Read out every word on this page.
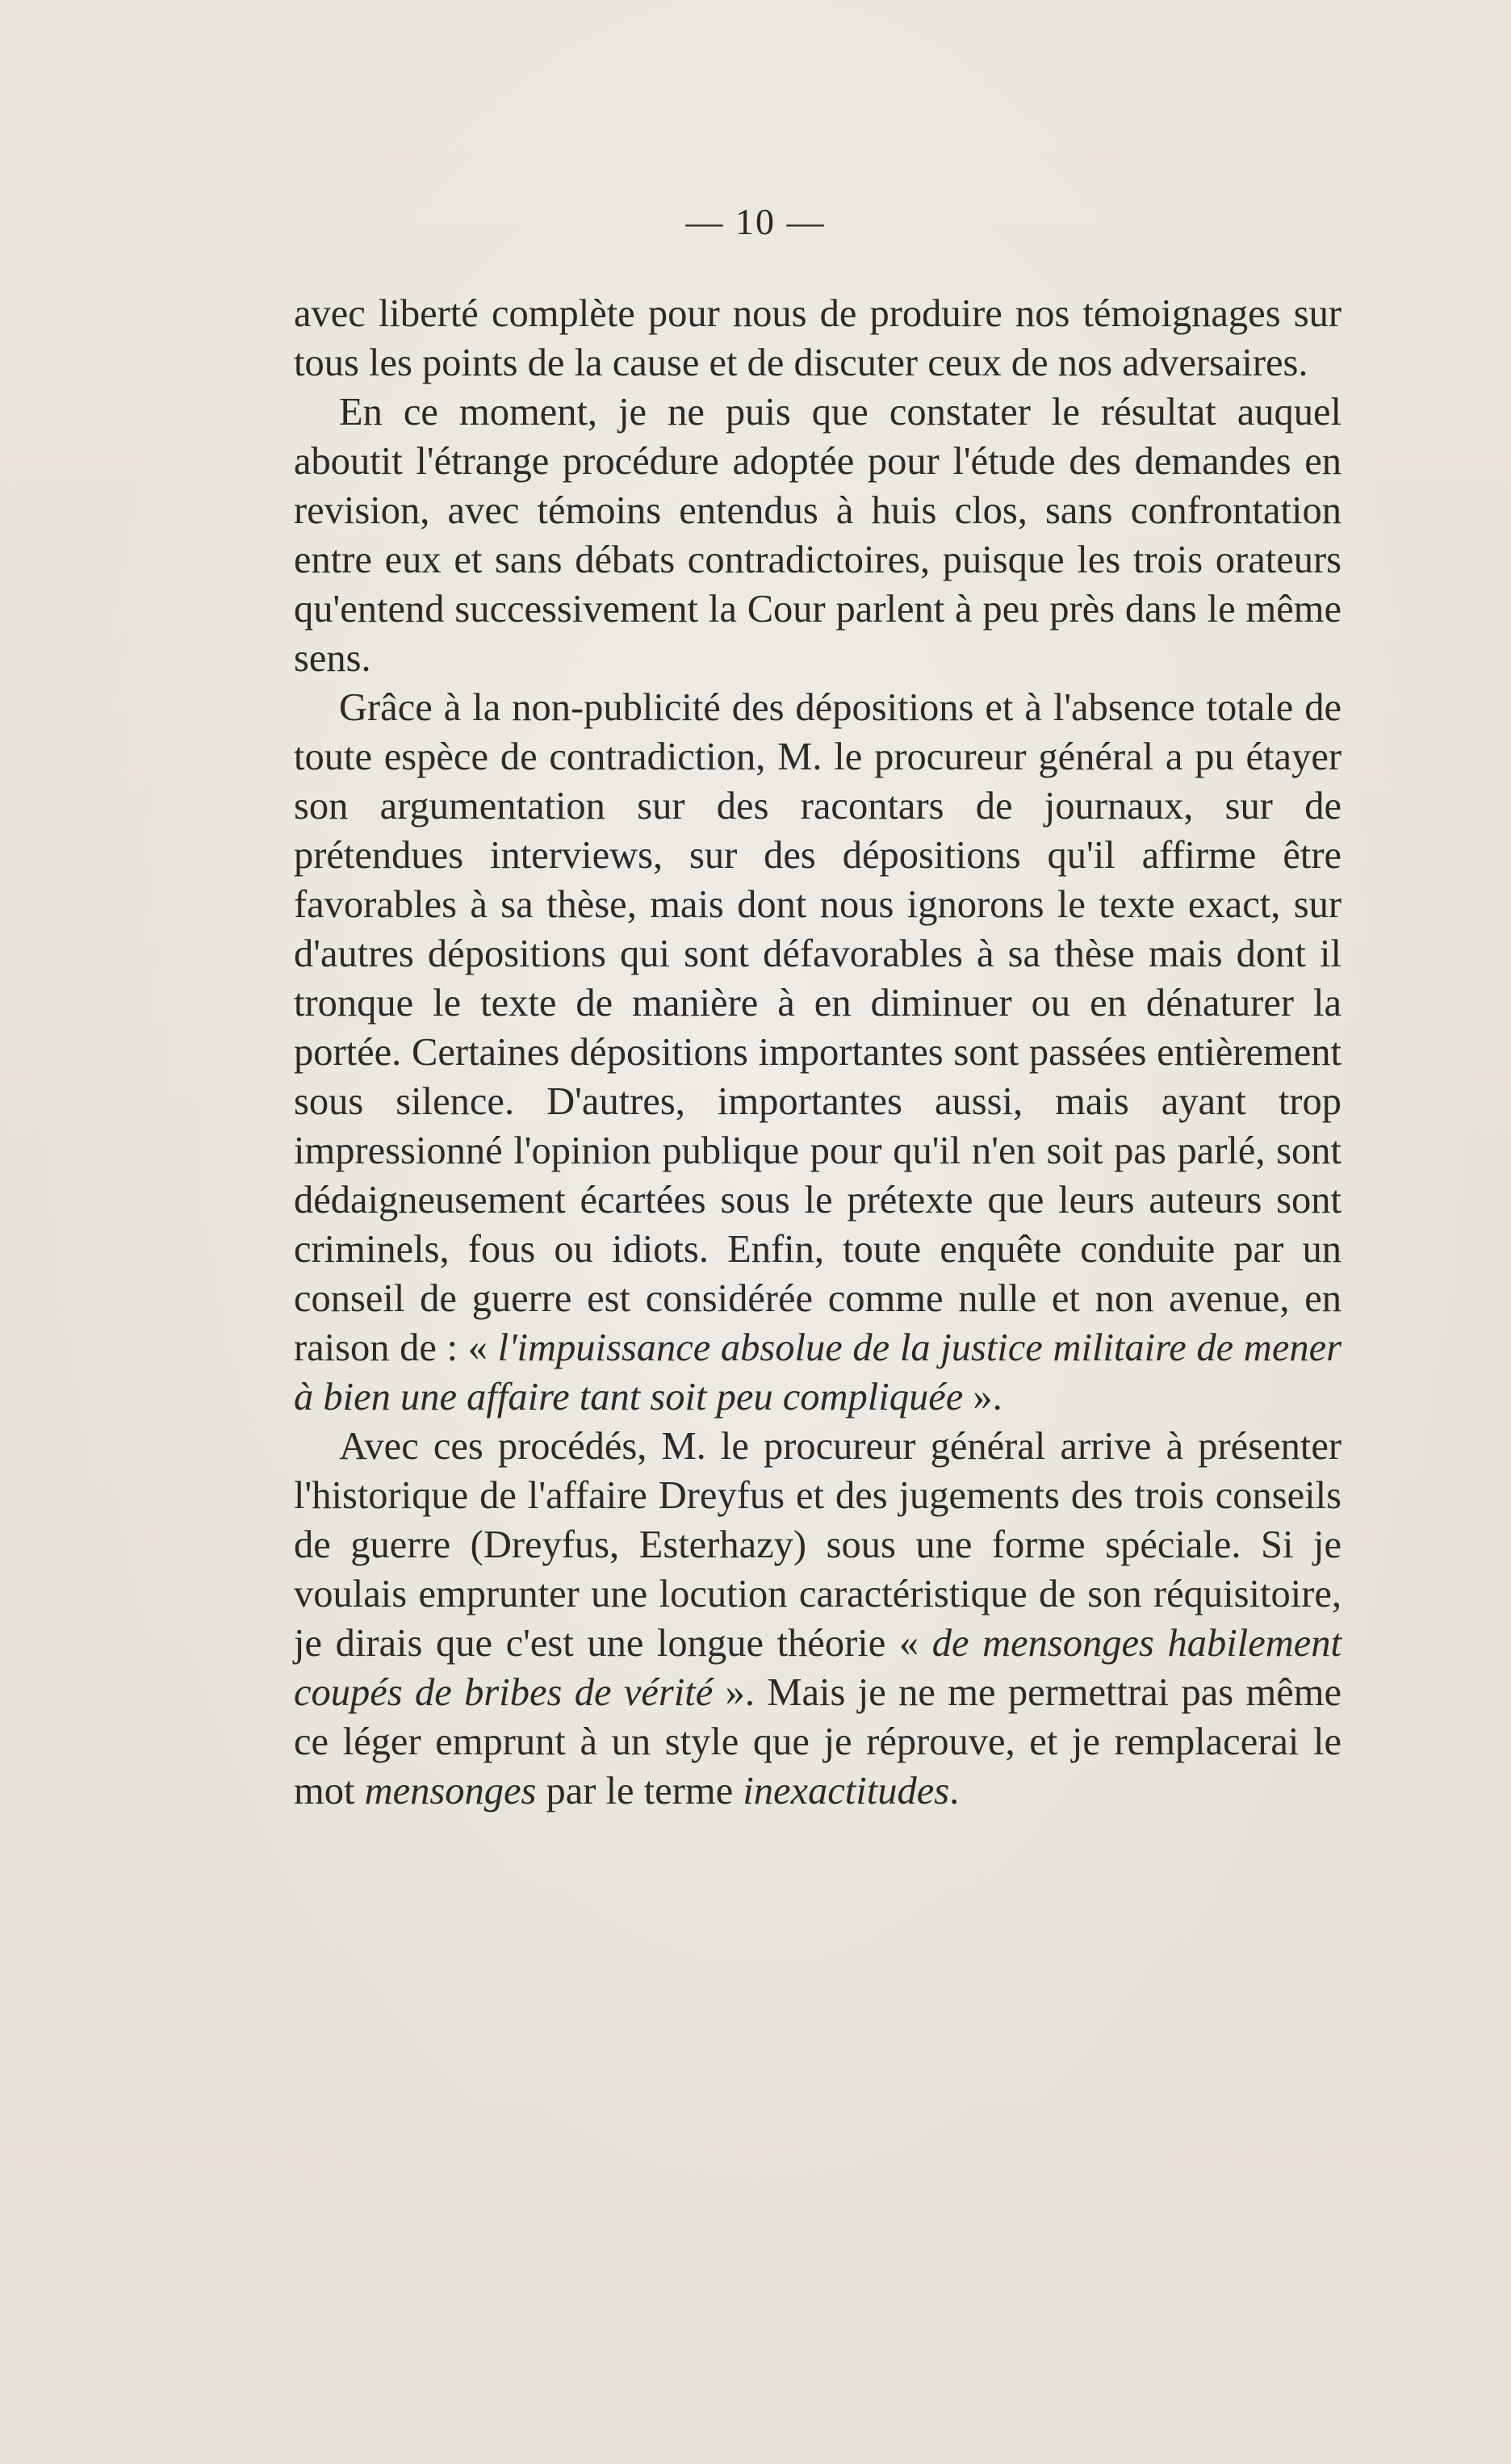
— 10 —

avec liberté complète pour nous de produire nos témoignages sur tous les points de la cause et de discuter ceux de nos adversaires.

En ce moment, je ne puis que constater le résultat auquel aboutit l'étrange procédure adoptée pour l'étude des demandes en revision, avec témoins entendus à huis clos, sans confrontation entre eux et sans débats contradictoires, puisque les trois orateurs qu'entend successivement la Cour parlent à peu près dans le même sens.

Grâce à la non-publicité des dépositions et à l'absence totale de toute espèce de contradiction, M. le procureur général a pu étayer son argumentation sur des racontars de journaux, sur de prétendues interviews, sur des dépositions qu'il affirme être favorables à sa thèse, mais dont nous ignorons le texte exact, sur d'autres dépositions qui sont défavorables à sa thèse mais dont il tronque le texte de manière à en diminuer ou en dénaturer la portée. Certaines dépositions importantes sont passées entièrement sous silence. D'autres, importantes aussi, mais ayant trop impressionné l'opinion publique pour qu'il n'en soit pas parlé, sont dédaigneusement écartées sous le prétexte que leurs auteurs sont criminels, fous ou idiots. Enfin, toute enquête conduite par un conseil de guerre est considérée comme nulle et non avenue, en raison de : « l'impuissance absolue de la justice militaire de mener à bien une affaire tant soit peu compliquée ».

Avec ces procédés, M. le procureur général arrive à présenter l'historique de l'affaire Dreyfus et des jugements des trois conseils de guerre (Dreyfus, Esterhazy) sous une forme spéciale. Si je voulais emprunter une locution caractéristique de son réquisitoire, je dirais que c'est une longue théorie « de mensonges habilement coupés de bribes de vérité ». Mais je ne me permettrai pas même ce léger emprunt à un style que je réprouve, et je remplacerai le mot mensonges par le terme inexactitudes.
